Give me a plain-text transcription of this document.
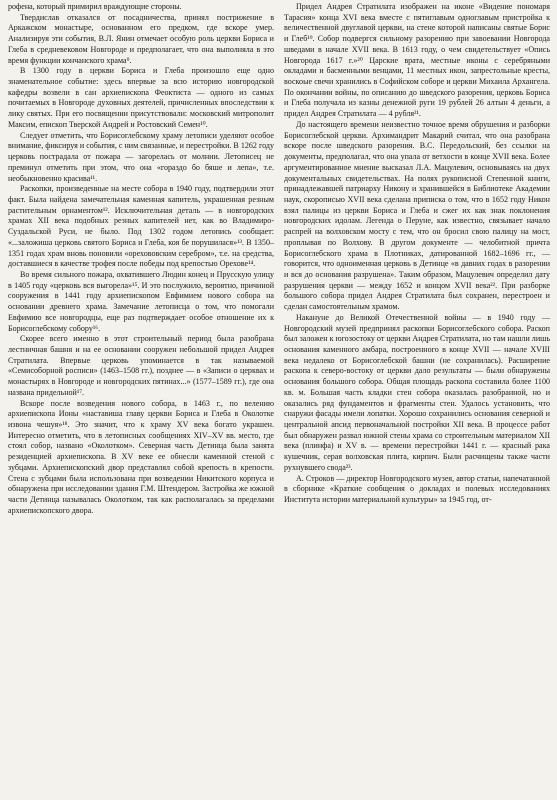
рофена, который примирил враждующие стороны.

Твердислав отказался от посадничества, принял пострижение в Аркажском монастыре, основанном его предком, где вскоре умер. Анализируя эти события, В.Л. Янин отмечает особую роль церкви Бориса и Глеба в средневековом Новгороде и предполагает, что она выполняла в это время функции кончанского храма⁹.

В 1300 году в церкви Бориса и Глеба произошло еще одно знаменательное событие: здесь впервые за всю историю новгородской кафедры возвели в сан архиепископа Феоктиста — одного из самых почитаемых в Новгороде духовных деятелей, причисленных впоследствии к лику святых. При его посвящении присутствовали: московский митрополит Максим, епископ Тверской Андрей и Ростовский Семен¹⁰.

Следует отметить, что Борисоглебскому храму летописи уделяют особое внимание, фиксируя и события, с ним связанные, и перестройки. В 1262 году церковь пострадала от пожара — загорелась от молнии. Летописец не преминул отметить при этом, что она «гораздо бо бяше и лепа», т.е. необыкновенно красива¹¹.

Раскопки, произведенные на месте собора в 1940 году, подтвердили этот факт. Была найдена замечательная каменная капитель, украшенная резным растительным орнаментом¹². Исключительная деталь — в новгородских храмах XII века подобных резных капителей нет, как во Владимиро-Суздальской Руси, не было. Под 1302 годом летопись сообщает: «...заложиша церковь святого Бориса и Глеба, коя бе порушилася»¹³. В 1350–1351 годах храм вновь поновили «орехововским серебром», т.е. на средства, доставшиеся в качестве трофея после победы под крепостью Орехове¹⁴.

Во время сильного пожара, охватившего Людин конец и Прусскую улицу в 1405 году «церковь вся выгорела»¹⁵. И это послужило, вероятно, причиной сооружения в 1441 году архиепископом Евфимием нового собора на основании древнего храма. Замечание летописца о том, что помогали Евфимию все новгородцы, еще раз подтверждает особое отношение их к Борисоглебскому собору¹⁶.

Скорее всего именно в этот строительный период была разобрана лестничная башня и на ее основании сооружен небольшой придел Андрея Стратилата. Впервые церковь упоминается в так называемой «Семисоборной росписи» (1463–1508 гг.), позднее — в «Записи о церквах и монастырях в Новгороде и новгородских пятинах...» (1577–1589 гг.), где она названа придельной¹⁷.

Вскоре после возведения нового собора, в 1463 г., по велению архиепископа Ионы «наставиша главу церкви Бориса и Глеба в Околотке извона чешуя»¹⁸. Это значит, что к храму XV века богато украшен. Интересно отметить, что в летописных сообщениях XIV–XV вв. место, где стоял собор, названо «Околотком». Северная часть Детинца была занята резиденцией архиепископа. В XV веке ее обнесли каменной стеной с зубцами. Архиепископский двор представлял собой крепость в крепости. Стена с зубцами была использована при возведении Никитского корпуса и обнаружена при исследовании здания Г.М. Штендером. Застройка же южной части Детинца называлась Околотком, так как располагалась за пределами архиепископского двора.

Придел Андрея Стратилата изображен на иконе «Видение пономаря Тарасия» конца XVI века вместе с пятиглавым одноглавым пристройка к величественной двуглавой церкви, на стене которой написаны святые Борис и Глеб¹⁹. Собор подвергся сильному разорению при завоевании Новгорода шведами в начале XVII века. В 1613 году, о чем свидетельствует «Опись Новгорода 1617 г.»²⁰ Царские врата, местные иконы с серебряными окладами и басменными венцами, 11 местных икон, запрестольные кресты, воскоые свечи хранились в Софийском соборе и церкви Михаила Архангела. По окончании войны, по описанию до шведского разорения, церковь Бориса и Глеба получала из казны денежной руги 19 рублей 26 алтын 4 деньги, а придел Андрея Стратилата — 4 рубля²¹.

До настоящего времени неизвестно точное время обрушения и разборки Борисоглебской церкви. Архимандрит Макарий считал, что она разобрана вскоре после шведского разорения. В.С. Передольский, без ссылки на документы, предполагал, что она упала от ветхости в конце XVII века. Более аргументированное мнение высказал Л.А. Мацулевич, основываясь на двух документальных свидетельствах. На полях рукописной Степенной книги, принадлежавшей патриарху Никону и хранившейся в Библиотеке Академии наук, скорописью XVII века сделана приписка о том, что в 1652 году Никон взял палицы из церкви Бориса и Глеба и сжег их как знак поклонения новгородских идолам. Легенда о Перуне, как известно, связывает начало распрей на волховском мосту с тем, что он бросил свою палицу на мост, проплывая по Волхову. В другом документе — челобитной причта Борисоглебского храма в Плотниках, датированной 1682–1696 гг., — говорится, что одноименная церковь в Детинце «в давних годах в разорении и вся до основания разрушена». Таким образом, Мацулевич определил дату разрушения церкви — между 1652 и концом XVII века²². При разборке большого собора придел Андрея Стратилата был сохранен, перестроен и сделан самостоятельным храмом.

Накануне до Великой Отечественной войны — в 1940 году — Новгородский музей предпринял раскопки Борисоглебского собора. Раскоп был заложен к югозостоку от церкви Андрея Стратилата, но там нашли лишь основания каменного амбара, построенного в конце XVII — начале XVIII века недалеко от Борисоглебской башни (не сохранилась). Расширение раскопа к северо-востоку от церкви дало результаты — были обнаружены основания большого собора. Общая площадь раскопа составила более 1100 кв. м. Большая часть кладки стен собора оказалась разобранной, но и оказались ряд фундаментов и фрагменты стен. Удалось установить, что снаружи фасады имели лопатки. Хорошо сохранились основания северной и центральной апсид первоначальной постройки XII века. В процессе работ был обнаружен развал южной стены храма со строительным материалом XII века (плинфа) и XV в. — времени перестройки 1441 г. — красный рака кушечник, серая волховская плита, кирпич. Были расчищены также части рухнувшего свода²³.

А. Строков — директор Новгородского музея, автор статьи, напечатанной в сборнике «Краткие сообщения о докладах и полевых исследованиях Института истории материальной культуры» за 1945 год, от-
